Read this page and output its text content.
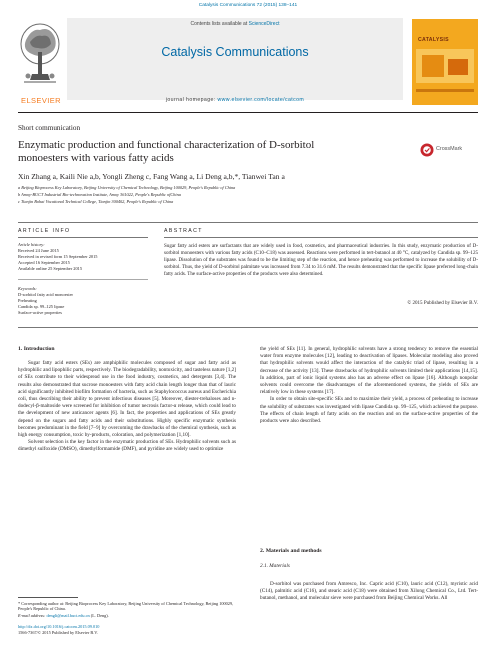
Catalysis Communications 72 (2015) 138–141
Contents lists available at ScienceDirect
Catalysis Communications
journal homepage: www.elsevier.com/locate/catcom
ELSEVIER
CATALYSIS
Short communication
Enzymatic production and functional characterization of D-sorbitol
monoesters with various fatty acids
CrossMark
Xin Zhang a, Kaili Nie a,b, Yongli Zheng c, Fang Wang a, Li Deng a,b,*, Tianwei Tan a
a Beijing Bioprocess Key Laboratory, Beijing University of Chemical Technology, Beijing 100029, People's Republic of China
b Amoy-BUCT Industrial Bio-technovation Institute, Amoy 361022, People's Republic ofChina
c Tianjin Bohai Vocational Technical College, Tianjin 300402, People's Republic of China
ARTICLE INFO	ABSTRACT
Article history:
Received 24 June 2015
Received in revised form 15 September 2015
Accepted 16 September 2015
Available online 25 September 2015
Keywords:
D-sorbitol fatty acid monoester
Preheating
Candida sp. 99–125 lipase
Surface-active properties
Sugar fatty acid esters are surfactants that are widely used in food, cosmetics, and pharmaceutical industries. In this study, enzymatic production of D-sorbitol monoesters with various fatty acids (C10–C18) was assessed. Reactions were performed in tert-butanol at 40 °C, catalyzed by Candida sp. 99–125 lipase. Dissolution of the substrates was found to be the limiting step of the reaction, and hence preheating was performed to increase the solubility of D-sorbitol. Thus, the yield of D-sorbitol palmitate was increased from 7.34 to 31.6 mM. The results demonstrated that the specific lipase preferred long-chain fatty acids. The surface-active properties of the products were also determined.
© 2015 Published by Elsevier B.V.
1. Introduction

Sugar fatty acid esters (SEs) are amphiphilic molecules composed of sugar and fatty acid as hydrophilic and lipophilic parts, respectively. The biodegradability, nontoxicity, and tasteless nature [1,2] of SEs contribute to their widespread use in the food industry, cosmetics, and detergents [3,4]. The results also demonstrated that sucrose monoesters with fatty acid chain length longer than that of lauric acid significantly inhibited biofilm formation of bacteria, such as Staphylococcus aureus and Escherichia coli, thus describing their ability to prevent infectious diseases [5]. Moreover, diester-trehaloses and n-dodecyl-β-maltoside were screened for inhibition of tumor necrosis factor-α release, which could lead to the development of new anticancer agents [6]. In fact, the properties and applications of SEs greatly depend on the sugars and fatty acids and their substitutions. Highly specific enzymatic synthesis becomes predominant in the field [7–9] by overcoming the drawbacks of the chemical synthesis, such as high energy consumption, toxic by-products, coloration, and polymerization [1,10].

Solvent selection is the key factor in the enzymatic production of SEs. Hydrophilic solvents such as dimethyl sulfoxide (DMSO), dimethylformamide (DMF), and pyridine are widely used to optimize

* Corresponding author at: Beijing Bioprocess Key Laboratory, Beijing University of Chemical Technology, Beijing 100029, People's Republic of China.
E-mail address: dengli@mail.buct.edu.cn (L. Deng).
http://dx.doi.org/10.1016/j.catcom.2015.09.010
1566-7367/© 2015 Published by Elsevier B.V.

the yield of SEs [11]. In general, hydrophilic solvents have a strong tendency to remove the essential water from enzyme molecules [12], leading to deactivation of lipases. Molecular modeling also proved that hydrophilic solvents would affect the interaction of the catalytic triad of lipase, resulting in a decrease of the activity [13]. These drawbacks of hydrophilic solvents limited their applications [14,15]. In addition, part of ionic liquid systems also has an adverse effect on lipase [16]. Although nonpolar solvents could overcome the disadvantages of the aforementioned systems, the yields of SEs are relatively low in these systems [17].

In order to obtain site-specific SEs and to maximize their yield, a process of preheating to increase the solubility of substrates was investigated with lipase Candida sp. 99–125, which achieved the purpose. The effects of chain length of fatty acids on the reaction and on the surface-active properties of the products were also described.

2. Materials and methods
2.1. Materials

D-sorbitol was purchased from Amresco, Inc. Capric acid (C10), lauric acid (C12), myristic acid (C14), palmitic acid (C16), and stearic acid (C18) were obtained from Xilong Chemical Co., Ltd. Tert-butanol, methanol, and molecular sieve were purchased from Beijing Chemical Works. All
